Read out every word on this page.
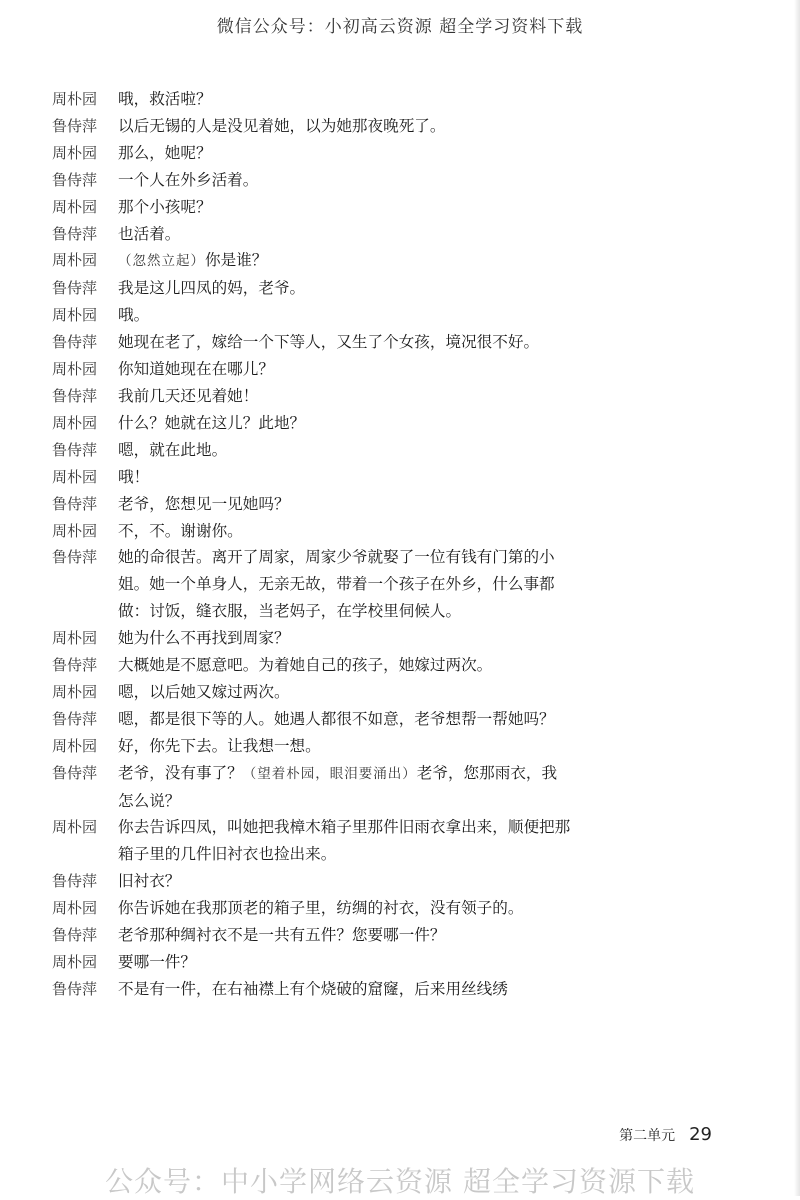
微信公众号：小初高云资源 超全学习资料下载
周朴园	哦，救活啦？
鲁侍萍	以后无锡的人是没见着她，以为她那夜晚死了。
周朴园	那么，她呢？
鲁侍萍	一个人在外乡活着。
周朴园	那个小孩呢？
鲁侍萍	也活着。
周朴园	（忽然立起）你是谁？
鲁侍萍	我是这儿四凤的妈，老爷。
周朴园	哦。
鲁侍萍	她现在老了，嫁给一个下等人，又生了个女孩，境况很不好。
周朴园	你知道她现在在哪儿？
鲁侍萍	我前几天还见着她！
周朴园	什么？她就在这儿？此地？
鲁侍萍	嗯，就在此地。
周朴园	哦！
鲁侍萍	老爷，您想见一见她吗？
周朴园	不，不。谢谢你。
鲁侍萍	她的命很苦。离开了周家，周家少爷就娶了一位有钱有门第的小姐。她一个单身人，无亲无故，带着一个孩子在外乡，什么事都做：讨饭，缝衣服，当老妈子，在学校里伺候人。
周朴园	她为什么不再找到周家？
鲁侍萍	大概她是不愿意吧。为着她自己的孩子，她嫁过两次。
周朴园	嗯，以后她又嫁过两次。
鲁侍萍	嗯，都是很下等的人。她遇人都很不如意，老爷想帮一帮她吗？
周朴园	好，你先下去。让我想一想。
鲁侍萍	老爷，没有事了？（望着朴园，眼泪要涌出）老爷，您那雨衣，我怎么说？
周朴园	你去告诉四凤，叫她把我樟木箱子里那件旧雨衣拿出来，顺便把那箱子里的几件旧衬衣也捡出来。
鲁侍萍	旧衬衣？
周朴园	你告诉她在我那顶老的箱子里，纺绸的衬衣，没有领子的。
鲁侍萍	老爷那种绸衬衣不是一共有五件？您要哪一件？
周朴园	要哪一件？
鲁侍萍	不是有一件，在右袖襟上有个烧破的窟窿，后来用丝线绣
第二单元 29
公众号：中小学网络云资源 超全学习资源下载
